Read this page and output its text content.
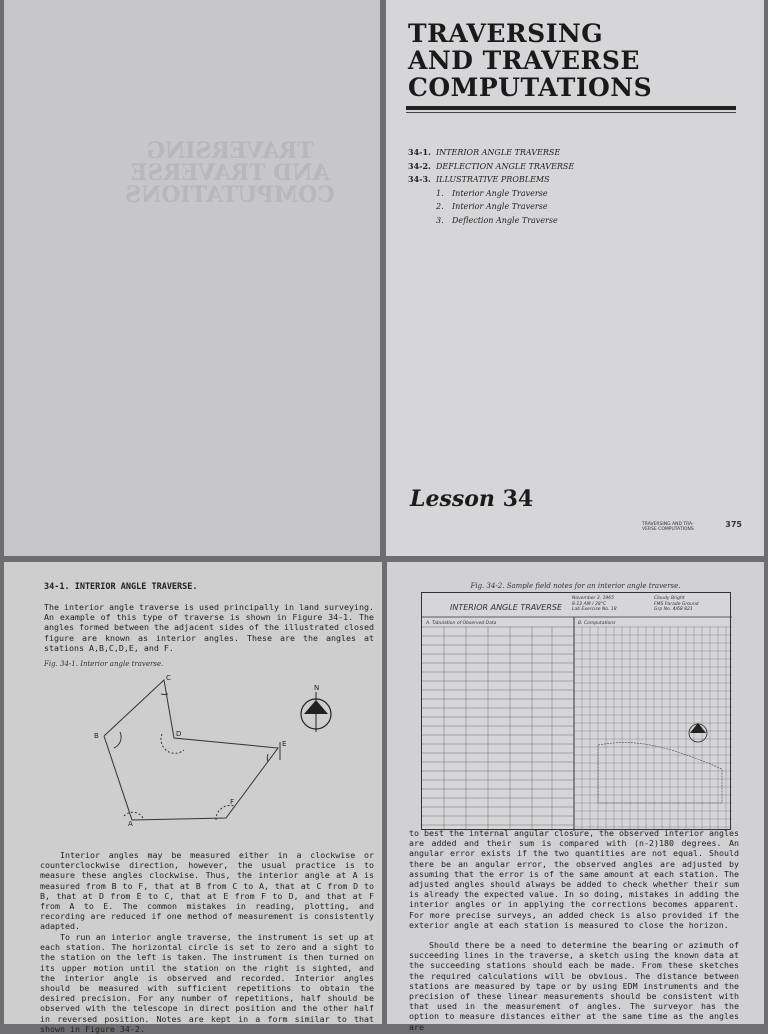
TRAVERSING
AND TRAVERSE
COMPUTATIONS
TRAVERSING
AND TRAVERSE
COMPUTATIONS
34-1. INTERIOR ANGLE TRAVERSE
34-2. DEFLECTION ANGLE TRAVERSE
34-3. ILLUSTRATIVE PROBLEMS
1. Interior Angle Traverse
2. Interior Angle Traverse
3. Deflection Angle Traverse
Lesson 34
TRAVERSING AND TRA- VERSE COMPUTATIONS
375
34-1. INTERIOR ANGLE TRAVERSE.
The interior angle traverse is used principally in land surveying. An example of this type of traverse is shown in Figure 34-1. The angles formed between the adjacent sides of the illustrated closed figure are known as interior angles. These are the angles at stations A,B,C,D,E, and F.
Fig. 34-1. Interior angle traverse.
A
B
C
D
E
F
N
Interior angles may be measured either in a clockwise or counterclockwise direction, however, the usual practice is to measure these angles clockwise. Thus, the interior angle at A is measured from B to F, that at B from C to A, that at C from D to B, that at D from E to C, that at E from F to D, and that at F from A to E. The common mistakes in reading, plotting, and recording are reduced if one method of measurement is consistently adapted.
To run an interior angle traverse, the instrument is set up at each station. The horizontal circle is set to zero and a sight to the station on the left is taken. The instrument is then turned on its upper motion until the station on the right is sighted, and the interior angle is observed and recorded. Interior angles should be measured with sufficient repetitions to obtain the desired precision. For any number of repetitions, half should be observed with the telescope in direct position and the other half in reversed position. Notes are kept in a form similar to that shown in Figure 34-2.
Fig. 34-2. Sample field notes for an interior angle traverse.
INTERIOR ANGLE TRAVERSE
November 3, 1965
8-12 AM / 28°C
Lab Exercise No. 18
Cloudy Bright
FMS Parade Ground
Grp No. 4/68 821
A. Tabulation of Observed Data	B. Computations
to best the internal angular closure, the observed interior angles are added and their sum is compared with (n-2)180 degrees. An angular error exists if the two quantities are not equal. Should there be an angular error, the observed angles are adjusted by assuming that the error is of the same amount at each station. The adjusted angles should always be added to check whether their sum is already the expected value. In so doing, mistakes in adding the interior angles or in applying the corrections becomes apparent. For more precise surveys, an added check is also provided if the exterior angle at each station is measured to close the horizon.
Should there be a need to determine the bearing or azimuth of succeeding lines in the traverse, a sketch using the known data at the succeeding stations should each be made. From these sketches the required calculations will be obvious. The distance between stations are measured by tape or by using EDM instruments and the precision of these linear measurements should be consistent with that used in the measurement of angles. The surveyor has the option to measure distances either at the same time as the angles are
